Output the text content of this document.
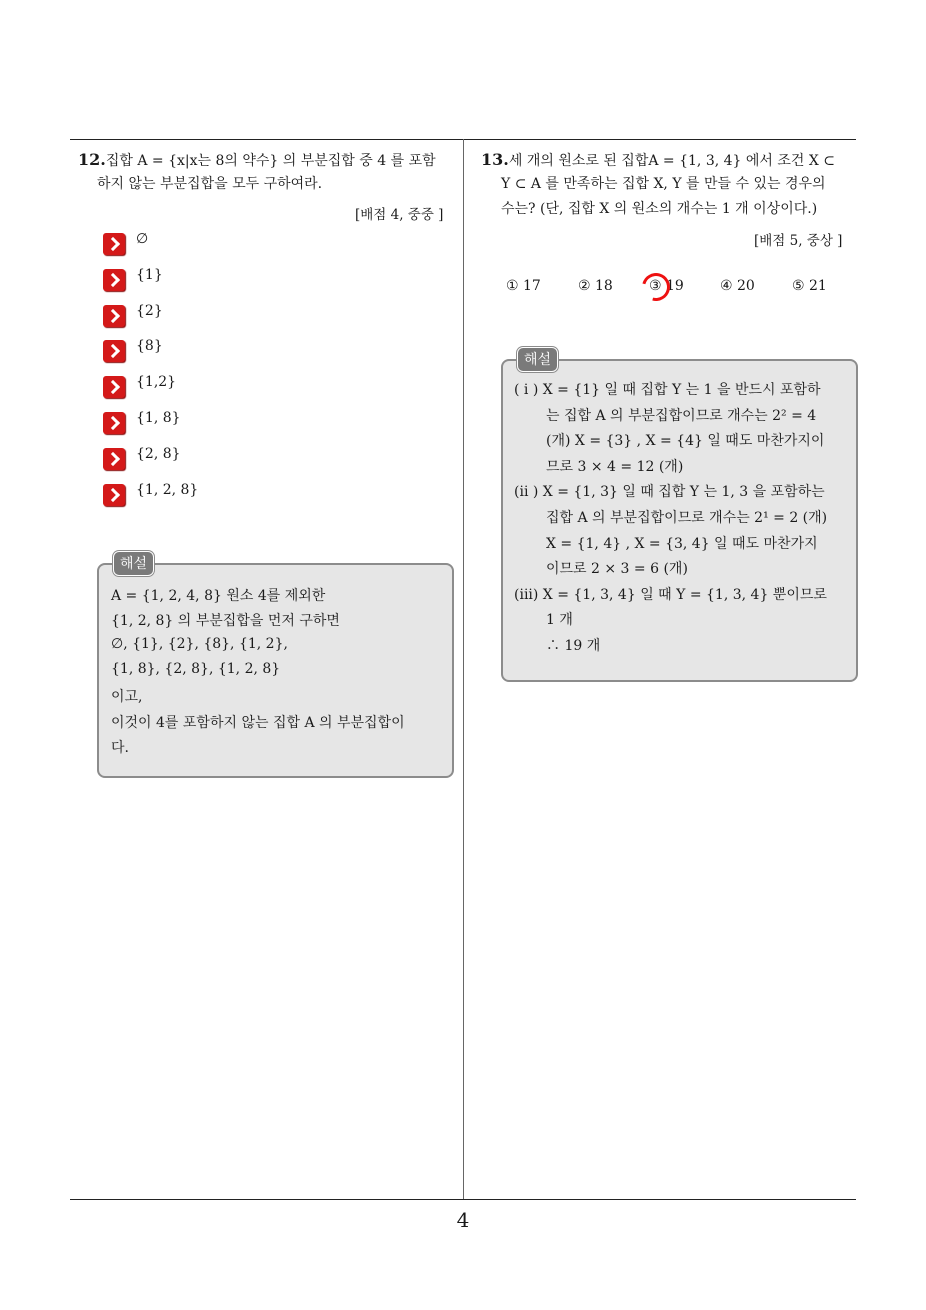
12.집합 A = {x|x는 8의 약수} 의 부분집합 중 4 를 포함
하지 않는 부분집합을 모두 구하여라.
[배점 4, 중중 ]
∅
{1}
{2}
{8}
{1,2}
{1, 8}
{2, 8}
{1, 2, 8}
해설
A = {1, 2, 4, 8} 원소 4를 제외한
{1, 2, 8} 의 부분집합을 먼저 구하면
∅, {1}, {2}, {8}, {1, 2},
{1, 8}, {2, 8}, {1, 2, 8}
이고,
이것이 4를 포함하지 않는 집합 A 의 부분집합이
다.
13.세 개의 원소로 된 집합A = {1, 3, 4} 에서 조건 X ⊂
Y ⊂ A 를 만족하는 집합 X, Y 를 만들 수 있는 경우의
수는? (단, 집합 X 의 원소의 개수는 1 개 이상이다.)
[배점 5, 중상 ]
① 17	② 18	③ 19	④ 20	⑤ 21
해설
( i ) X = {1} 일 때 집합 Y 는 1 을 반드시 포함하
는 집합 A 의 부분집합이므로 개수는 2² = 4
(개) X = {3} , X = {4} 일 때도 마찬가지이
므로 3 × 4 = 12 (개)
(ii ) X = {1, 3} 일 때 집합 Y 는 1, 3 을 포함하는
집합 A 의 부분집합이므로 개수는 2¹ = 2 (개)
X = {1, 4} , X = {3, 4} 일 때도 마찬가지
이므로 2 × 3 = 6 (개)
(iii) X = {1, 3, 4} 일 때 Y = {1, 3, 4} 뿐이므로
1 개
∴ 19 개
4
